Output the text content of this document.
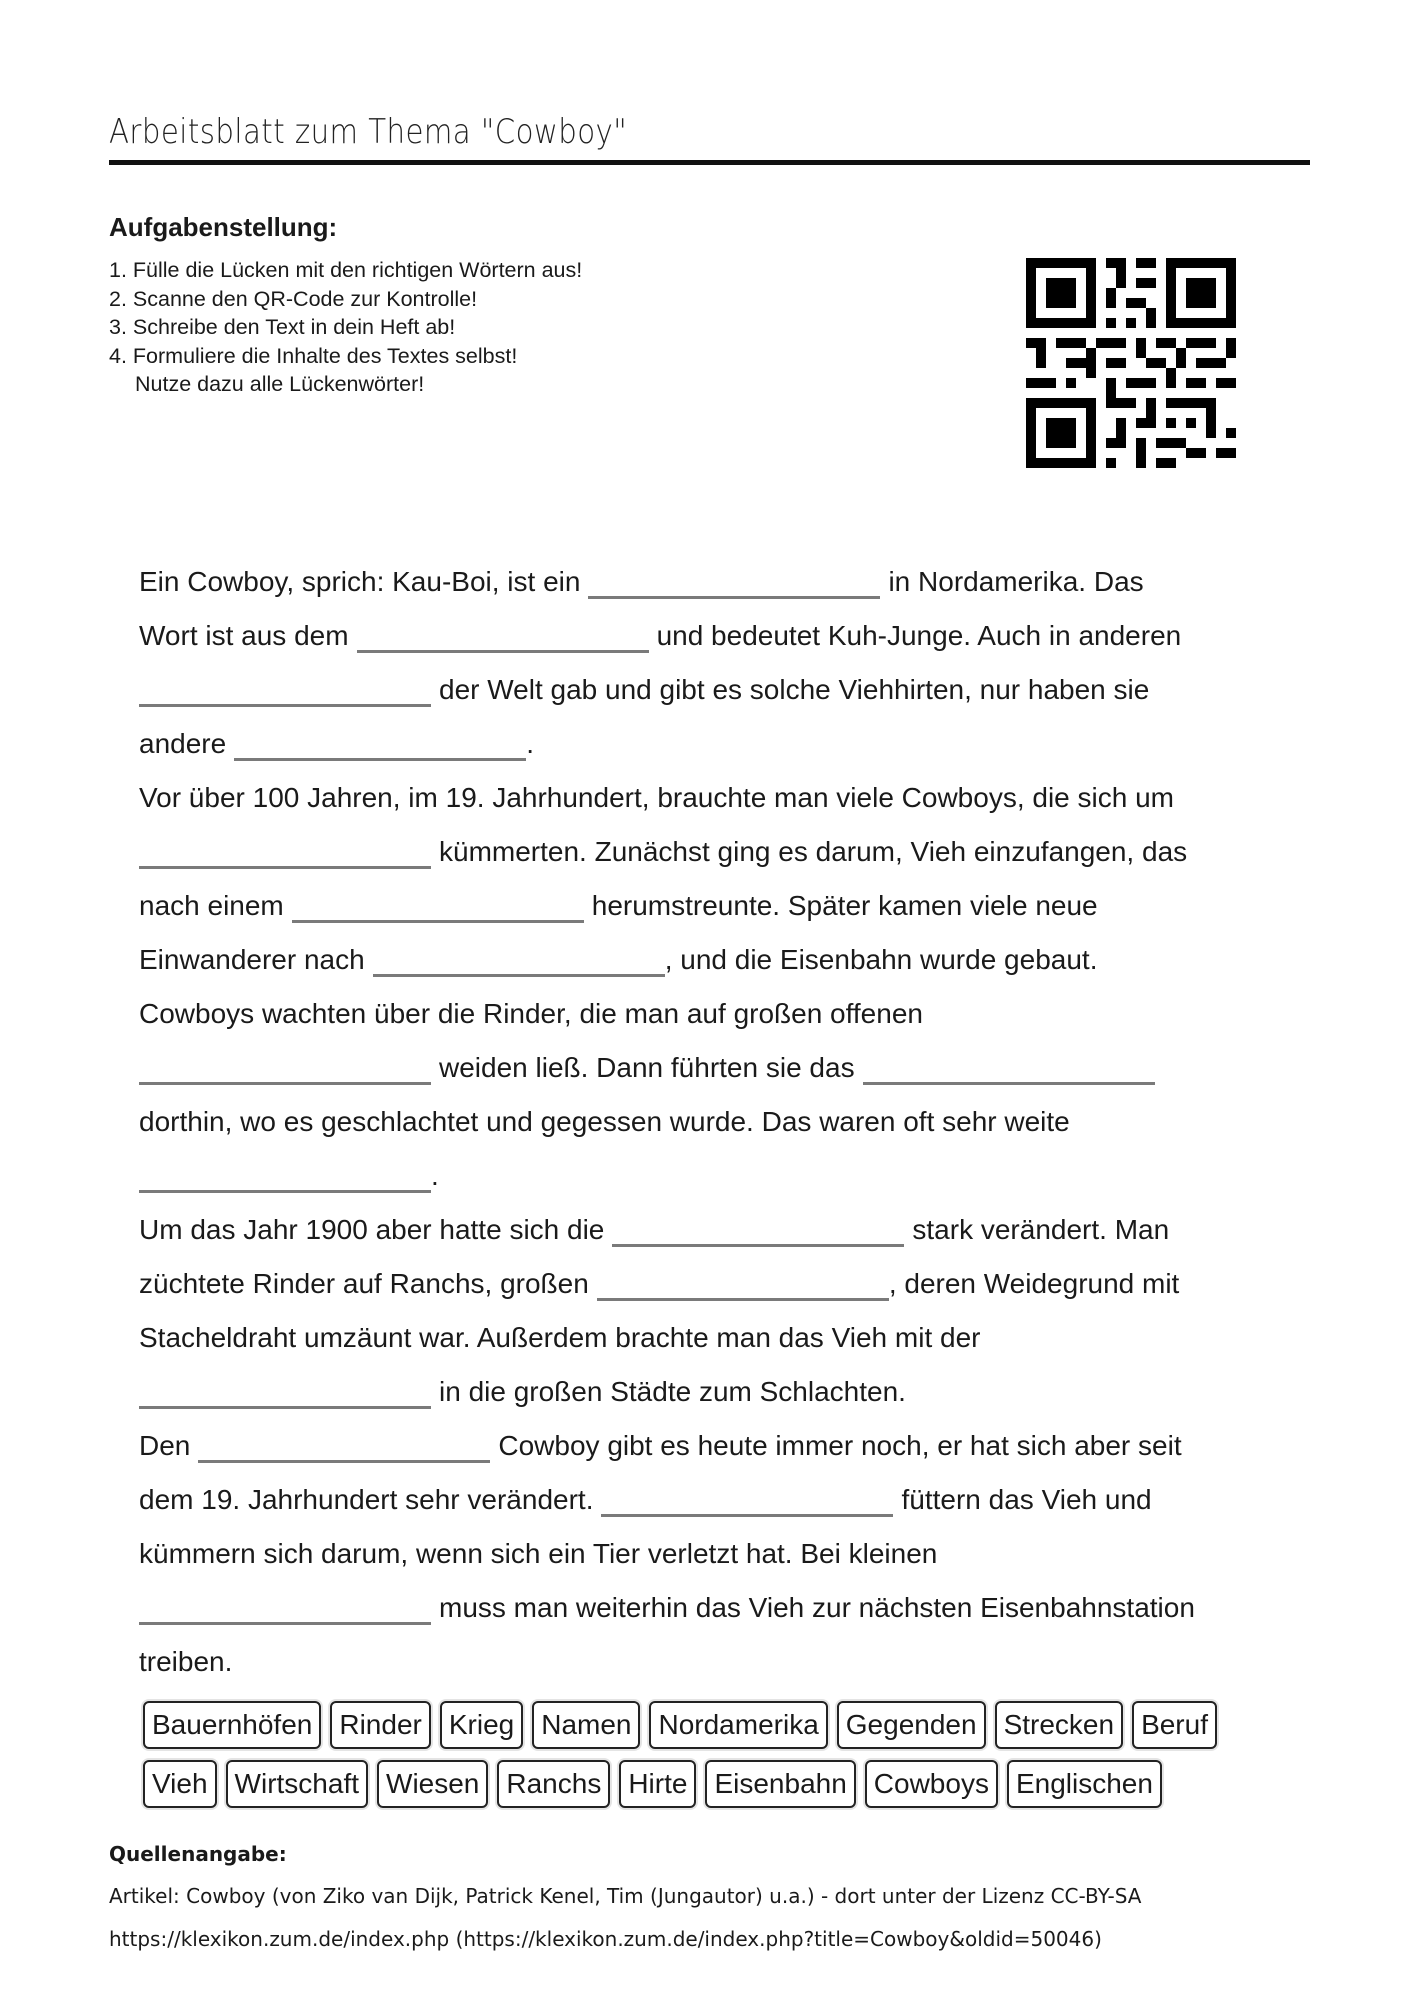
Arbeitsblatt zum Thema "Cowboy"
Aufgabenstellung:
1. Fülle die Lücken mit den richtigen Wörtern aus!
2. Scanne den QR-Code zur Kontrolle!
3. Schreibe den Text in dein Heft ab!
4. Formuliere die Inhalte des Textes selbst!
Nutze dazu alle Lückenwörter!
Ein Cowboy, sprich: Kau-Boi, ist ein	in Nordamerika. Das
Wort ist aus dem	und bedeutet Kuh-Junge. Auch in anderen
der Welt gab und gibt es solche Viehhirten, nur haben sie
andere	.
Vor über 100 Jahren, im 19. Jahrhundert, brauchte man viele Cowboys, die sich um
kümmerten. Zunächst ging es darum, Vieh einzufangen, das
nach einem	herumstreunte. Später kamen viele neue
Einwanderer nach	, und die Eisenbahn wurde gebaut.
Cowboys wachten über die Rinder, die man auf großen offenen
weiden ließ. Dann führten sie das
dorthin, wo es geschlachtet und gegessen wurde. Das waren oft sehr weite
.
Um das Jahr 1900 aber hatte sich die	stark verändert. Man
züchtete Rinder auf Ranchs, großen	, deren Weidegrund mit
Stacheldraht umzäunt war. Außerdem brachte man das Vieh mit der
in die großen Städte zum Schlachten.
Den	Cowboy gibt es heute immer noch, er hat sich aber seit
dem 19. Jahrhundert sehr verändert.	füttern das Vieh und
kümmern sich darum, wenn sich ein Tier verletzt hat. Bei kleinen
muss man weiterhin das Vieh zur nächsten Eisenbahnstation
treiben.
Bauernhöfen Rinder Krieg Namen Nordamerika Gegenden Strecken Beruf
Vieh Wirtschaft Wiesen Ranchs Hirte Eisenbahn Cowboys Englischen
Quellenangabe:
Artikel: Cowboy (von Ziko van Dijk, Patrick Kenel, Tim (Jungautor) u.a.) - dort unter der Lizenz CC-BY-SA
https://klexikon.zum.de/index.php (https://klexikon.zum.de/index.php?title=Cowboy&oldid=50046)
